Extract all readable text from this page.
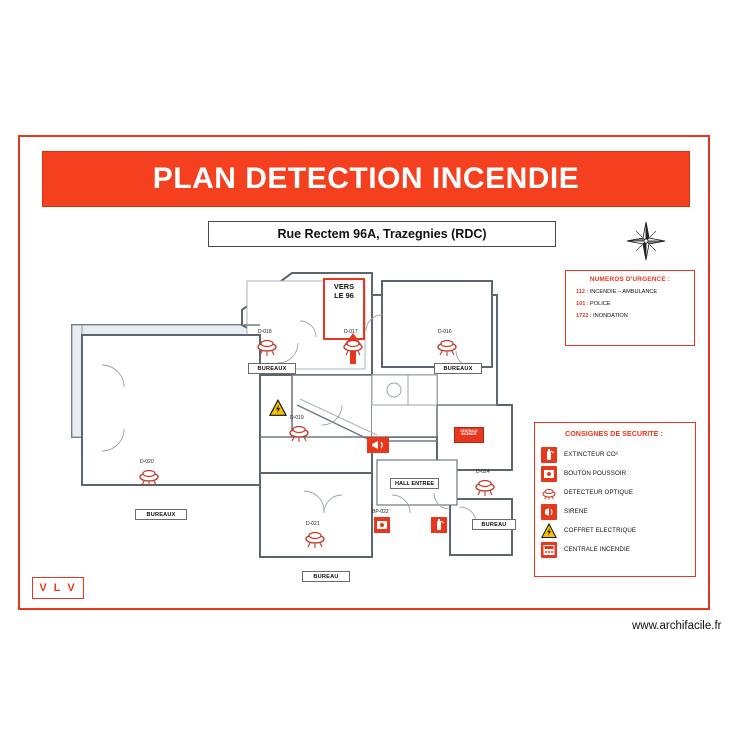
PLAN DETECTION INCENDIE
Rue Rectem 96A, Trazegnies (RDC)
NUMEROS D'URGENCE :
112 : INCENDIE – AMBULANCE
101 : POLICE
1722 : INONDATION
CONSIGNES DE SECURITE :
EXTINCTEUR CO²
BOUTON POUSSOIR
DETECTEUR OPTIQUE
SIRENE
COFFRET ELECTRIQUE
CENTRALE INCENDIE
V L V
VERS
LE 96
BUREAUX	BUREAUX
BUREAUX
BUREAU
BUREAU
HALL ENTREE
D-018	D-017	D-016
D-019
D-020
D-021
D-024
BP-022
CENTRALE INCENDIE
www.archifacile.fr
